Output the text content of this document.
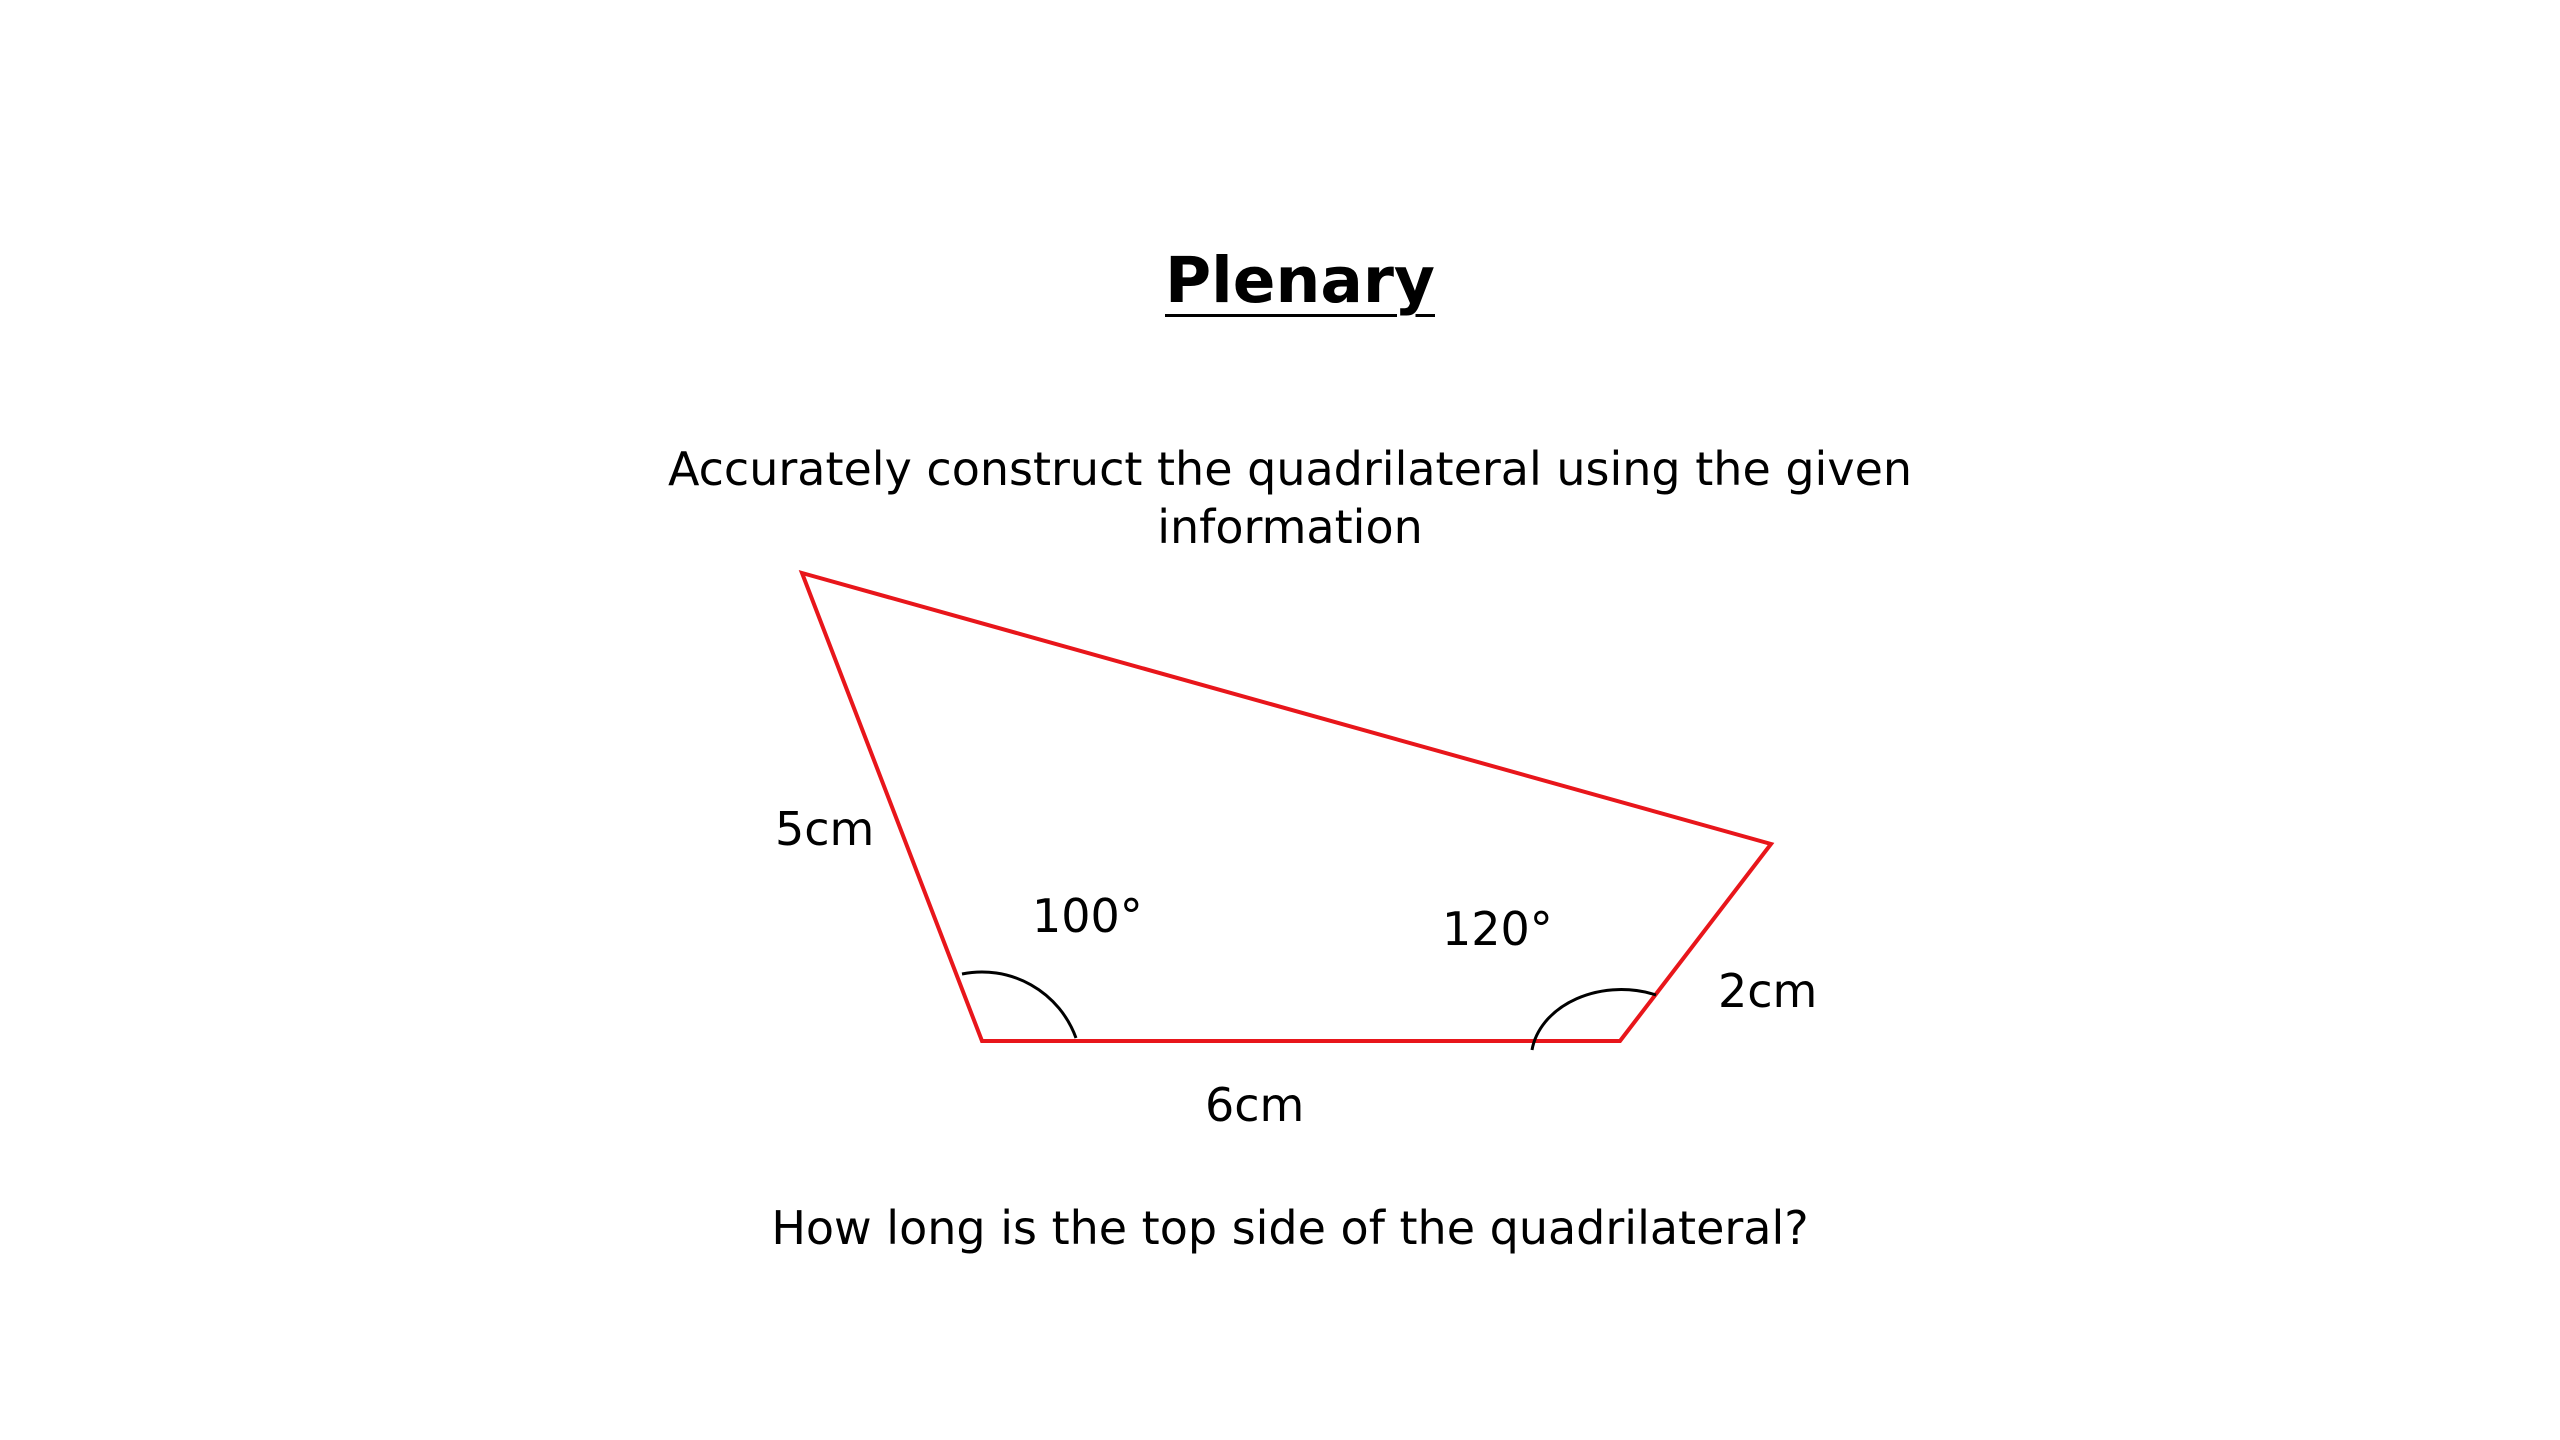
Plenary

Accurately construct the quadrilateral using the given information

5cm
100°	120°
2cm
6cm

How long is the top side of the quadrilateral?
